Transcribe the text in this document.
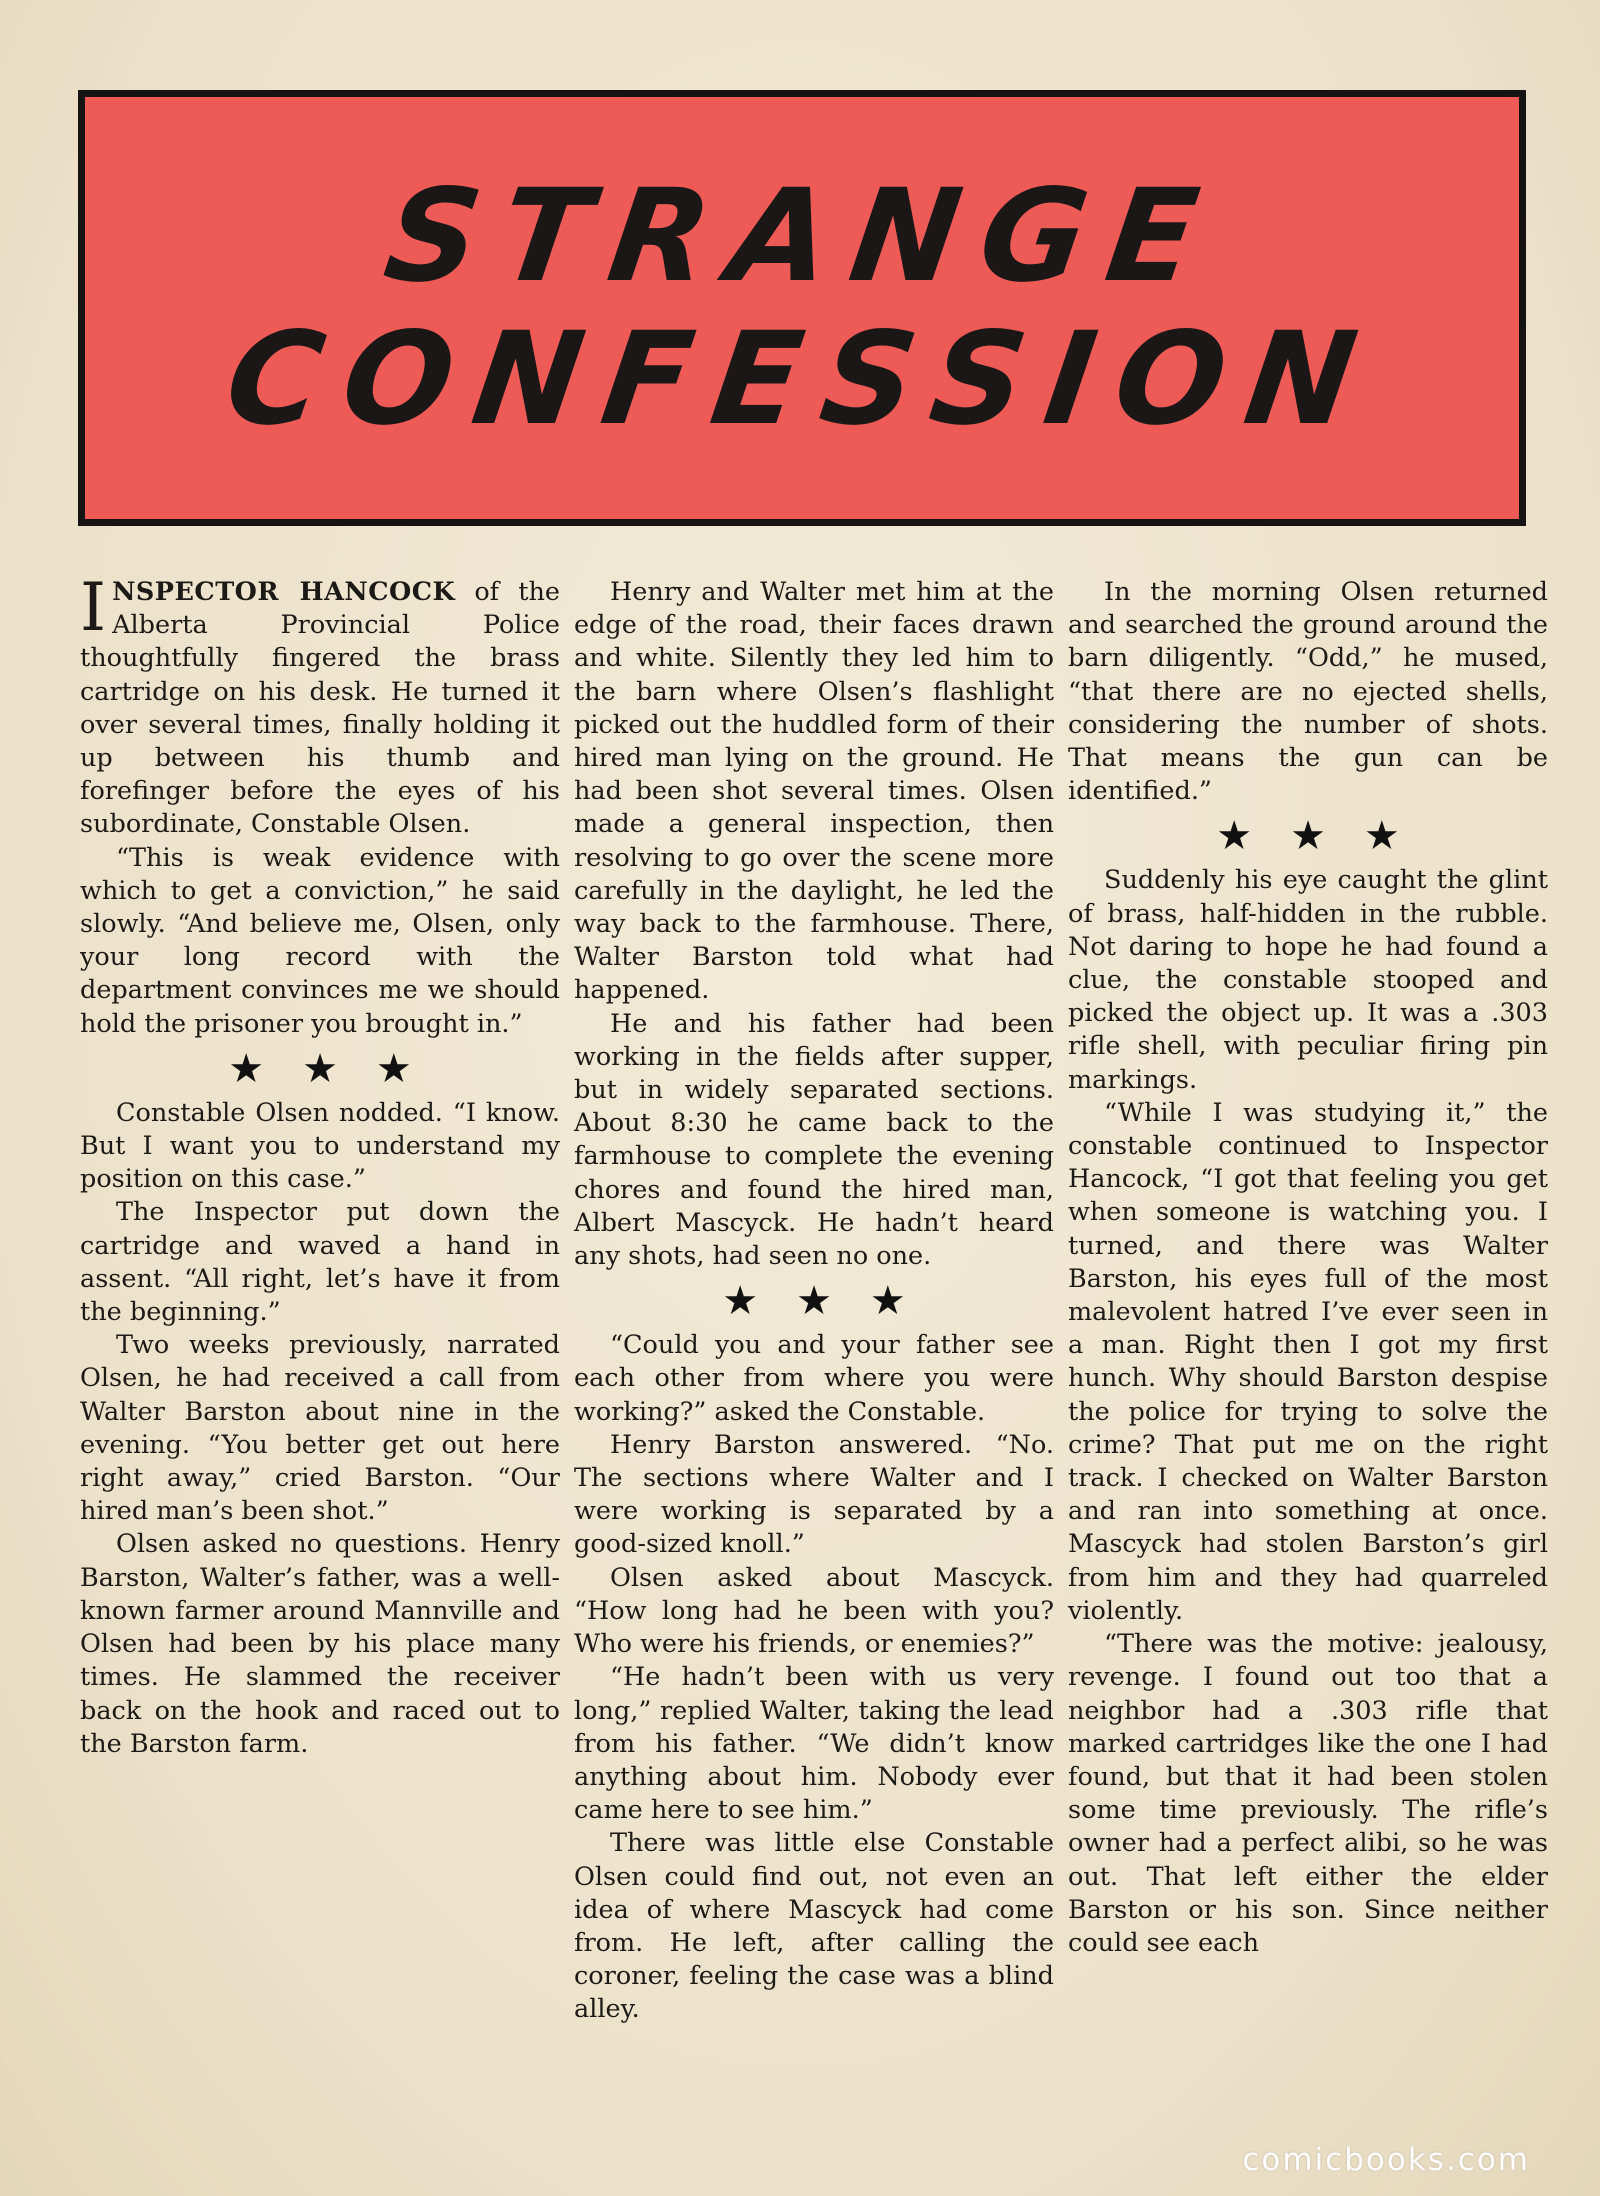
STRANGE
CONFESSION

INSPECTOR HANCOCK of the Alberta Provincial Police thoughtfully fingered the brass cartridge on his desk. He turned it over several times, finally holding it up between his thumb and forefinger before the eyes of his subordinate, Constable Olsen.

“This is weak evidence with which to get a conviction,” he said slowly. “And believe me, Olsen, only your long record with the department convinces me we should hold the prisoner you brought in.”

★★★

Constable Olsen nodded. “I know. But I want you to understand my position on this case.”

The Inspector put down the cartridge and waved a hand in assent. “All right, let’s have it from the beginning.”

Two weeks previously, narrated Olsen, he had received a call from Walter Barston about nine in the evening. “You better get out here right away,” cried Barston. “Our hired man’s been shot.”

Olsen asked no questions. Henry Barston, Walter’s father, was a well-known farmer around Mannville and Olsen had been by his place many times. He slammed the receiver back on the hook and raced out to the Barston farm.

Henry and Walter met him at the edge of the road, their faces drawn and white. Silently they led him to the barn where Olsen’s flashlight picked out the huddled form of their hired man lying on the ground. He had been shot several times. Olsen made a general inspection, then resolving to go over the scene more carefully in the daylight, he led the way back to the farmhouse. There, Walter Barston told what had happened.

He and his father had been working in the fields after supper, but in widely separated sections. About 8:30 he came back to the farmhouse to complete the evening chores and found the hired man, Albert Mascyck. He hadn’t heard any shots, had seen no one.

★★★

“Could you and your father see each other from where you were working?” asked the Constable.

Henry Barston answered. “No. The sections where Walter and I were working is separated by a good-sized knoll.”

Olsen asked about Mascyck. “How long had he been with you? Who were his friends, or enemies?”

“He hadn’t been with us very long,” replied Walter, taking the lead from his father. “We didn’t know anything about him. Nobody ever came here to see him.”

There was little else Constable Olsen could find out, not even an idea of where Mascyck had come from. He left, after calling the coroner, feeling the case was a blind alley.

In the morning Olsen returned and searched the ground around the barn diligently. “Odd,” he mused, “that there are no ejected shells, considering the number of shots. That means the gun can be identified.”

★★★

Suddenly his eye caught the glint of brass, half-hidden in the rubble. Not daring to hope he had found a clue, the constable stooped and picked the object up. It was a .303 rifle shell, with peculiar firing pin markings.

“While I was studying it,” the constable continued to Inspector Hancock, “I got that feeling you get when someone is watching you. I turned, and there was Walter Barston, his eyes full of the most malevolent hatred I’ve ever seen in a man. Right then I got my first hunch. Why should Barston despise the police for trying to solve the crime? That put me on the right track. I checked on Walter Barston and ran into something at once. Mascyck had stolen Barston’s girl from him and they had quarreled violently.

“There was the motive: jealousy, revenge. I found out too that a neighbor had a .303 rifle that marked cartridges like the one I had found, but that it had been stolen some time previously. The rifle’s owner had a perfect alibi, so he was out. That left either the elder Barston or his son. Since neither could see each

comicbooks.com
